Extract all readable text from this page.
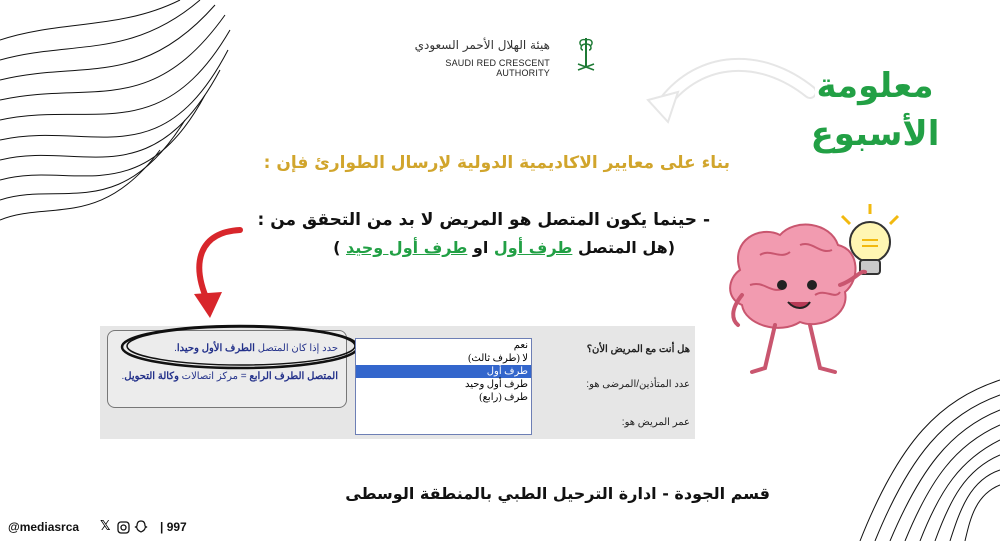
هيئة الهلال الأحمر السعودي
SAUDI RED CRESCENT AUTHORITY	معلومة
الأسبوع
بناء على معايير الاكاديمية الدولية لإرسال الطوارئ فإن :
- حينما يكون المتصل هو المريض لا بد من التحقق من :
(هل المتصل طرف أول او طرف أول وحيد )
حدد إذا كان المتصل الطرف الأول وحيدا.
المتصل الطرف الرابع = مركز اتصالات وكالة التحويل.
نعم
لا (طرف ثالث)
طرف أول
طرف أول وحيد
طرف (رابع)
هل أنت مع المريض الأن؟
عدد المتأذين/المرضى هو:
عمر المريض هو:
قسم الجودة - ادارة الترحيل الطبي بالمنطقة الوسطى
@mediasrca 𝕏	| 997
